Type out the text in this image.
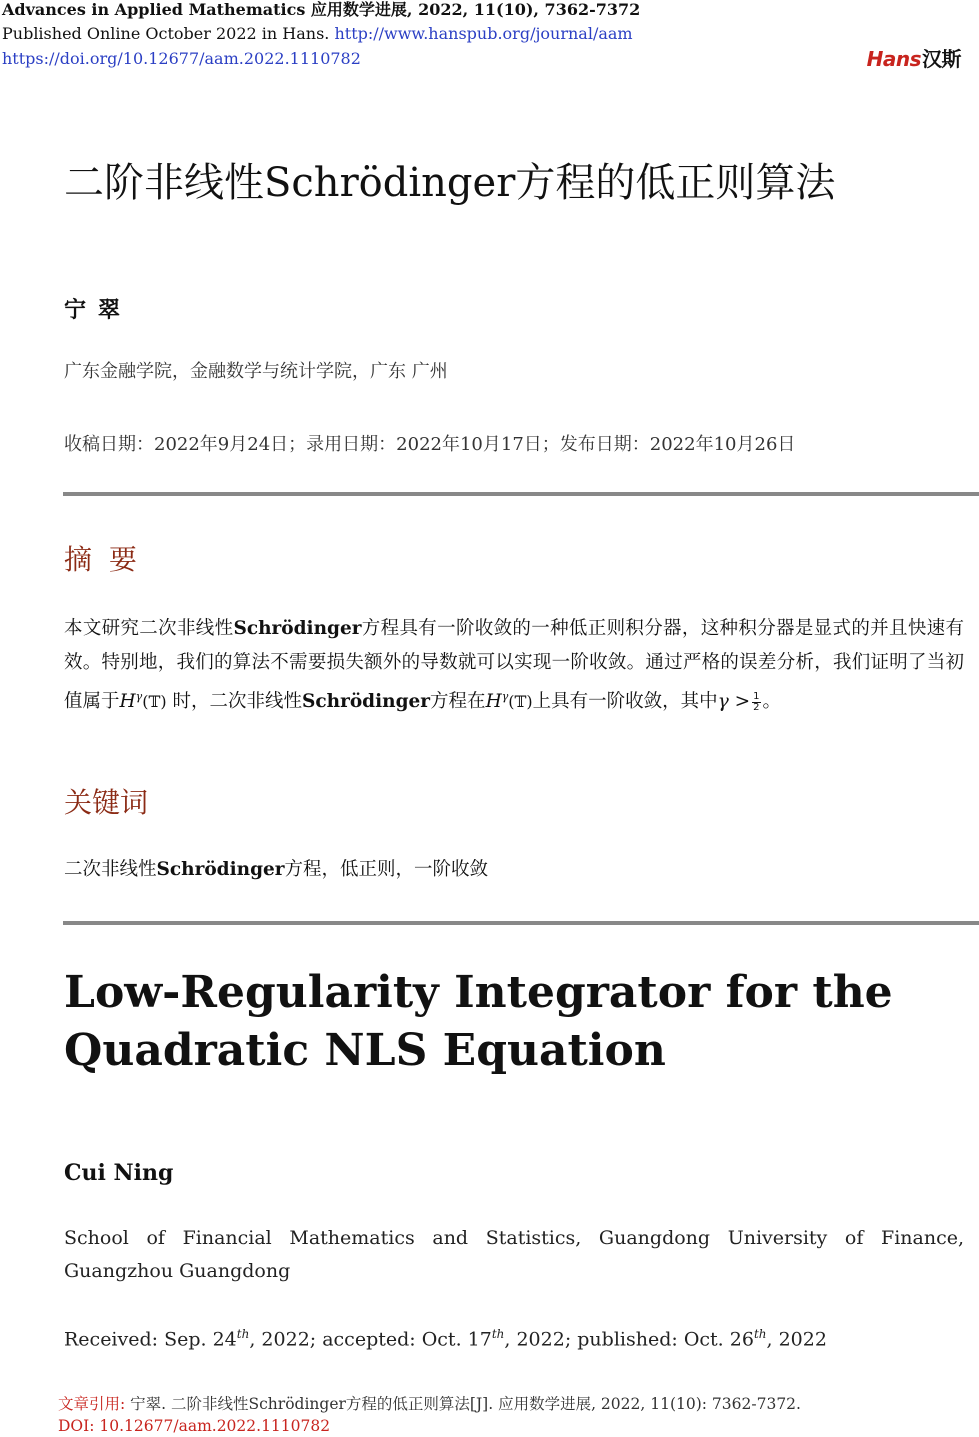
Advances in Applied Mathematics 应用数学进展, 2022, 11(10), 7362-7372
Published Online October 2022 in Hans. http://www.hanspub.org/journal/aam
https://doi.org/10.12677/aam.2022.1110782	Hans汉斯
二阶非线性Schrödinger方程的低正则算法
宁翠
广东金融学院，金融数学与统计学院，广东 广州
收稿日期：2022年9月24日；录用日期：2022年10月17日；发布日期：2022年10月26日
摘 要
本文研究二次非线性Schrödinger方程具有一阶收敛的一种低正则积分器，这种积分器是显式的并且快速有效。特别地，我们的算法不需要损失额外的导数就可以实现一阶收敛。通过严格的误差分析，我们证明了当初值属于$H^\gamma(𝕋)$ 时，二次非线性Schrödinger方程在$H^\gamma(𝕋)$上具有一阶收敛，其中$\gamma > \frac{1}{2}$ 。
关键词
二次非线性Schrödinger方程，低正则，一阶收敛
Low-Regularity Integrator for the Quadratic NLS Equation
Cui Ning
School of Financial Mathematics and Statistics, Guangdong University of Finance, Guangzhou Guangdong
Received: Sep. 24th, 2022; accepted: Oct. 17th, 2022; published: Oct. 26th, 2022
文章引用: 宁翠. 二阶非线性Schrödinger方程的低正则算法[J]. 应用数学进展, 2022, 11(10): 7362-7372.
DOI: 10.12677/aam.2022.1110782
